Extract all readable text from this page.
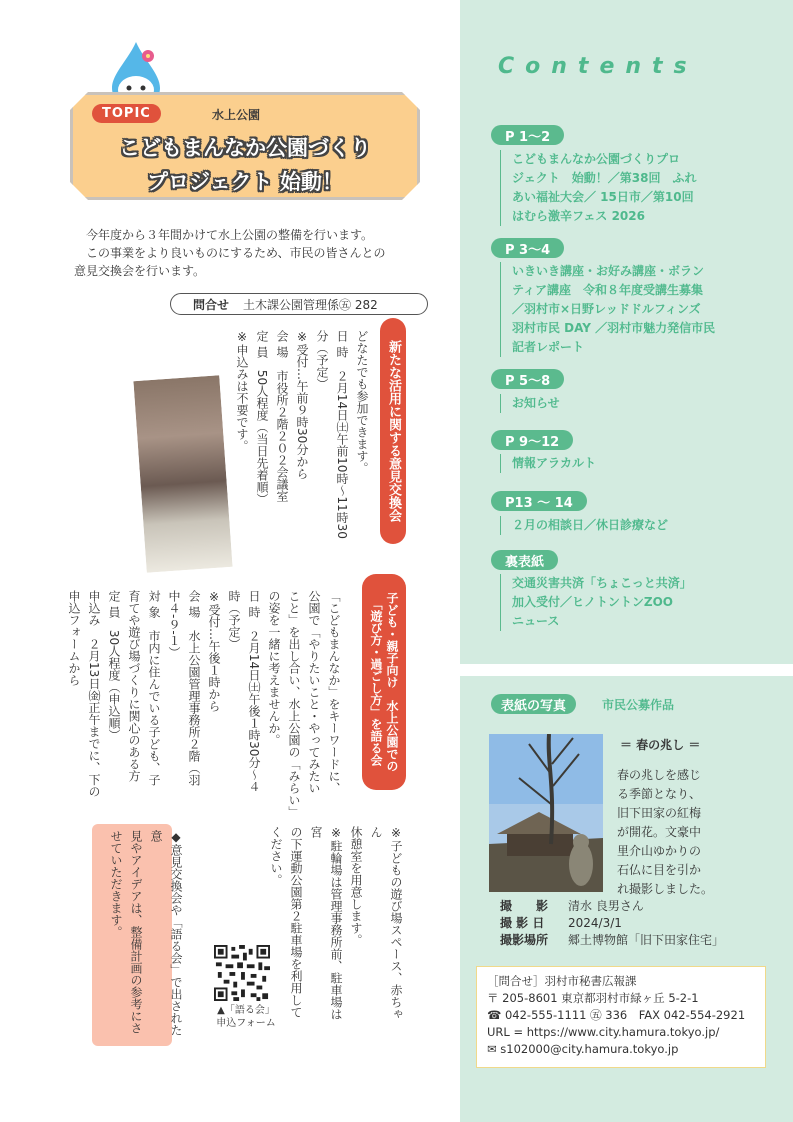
TOPIC	水上公園
こどもまんなか公園づくり
プロジェクト 始動！

今年度から３年間かけて水上公園の整備を行います。

この事業をより良いものにするため、市民の皆さんとの

意見交換会を行います。

問合せ 土木課公園管理係㊄ 282
新たな活用に関する意見交換会
どなたでも参加できます。
日 時　２月14日㈯午前10時〜11時30
分（予定）
※受付…午前９時30分から
会 場　市役所２階２０２会議室
定 員　50人程度（当日先着順）
※申込みは不要です。
子ども・親子向け　水上公園での
「遊び方・過ごし方」を語る会
「こどもまんなか」をキーワードに、
公園で「やりたいこと・やってみたい
こと」を出し合い、水上公園の「みらい」
の姿を一緒に考えませんか。
日 時　２月14日㈯午後１時30分〜４
時（予定）
※受付…午後１時から
会 場　水上公園管理事務所２階（羽
中４‐９‐１）
対 象　市内に住んでいる子ども、子
育てや遊び場づくりに関心のある方
定 員　30人程度（申込順）
申込み　２月13日㈮正午までに、下の
申込フォームから
※子どもの遊び場スペース、赤ちゃん
休憩室を用意します。
※駐輪場は管理事務所前、駐車場は宮
の下運動公園第２駐車場を利用して
ください。
◆意見交換会や「語る会」で出された意
見やアイデアは、整備計画の参考にさ
せていただきます。
▲「語る会」
申込フォーム
Contents
P 1〜2
こどもまんなか公園づくりプロ
ジェクト　始動！／第38回　ふれ
あい福祉大会／ 15日市／第10回
はむら激辛フェス 2026
P 3〜4
いきいき講座・お好み講座・ボラン
ティア講座　令和８年度受講生募集
／羽村市×日野レッドドルフィンズ
羽村市民 DAY ／羽村市魅力発信市民
記者レポート
P 5〜8
お知らせ
P 9〜12
情報アラカルト
P13 〜 14
２月の相談日／休日診療など
裏表紙
交通災害共済「ちょこっと共済」
加入受付／ヒノトントンZOO
ニュース
表紙の写真	市民公募作品
＝ 春の兆し ＝
春の兆しを感じ
る季節となり、
旧下田家の紅梅
が開花。文豪中
里介山ゆかりの
石仏に目を引か
れ撮影しました。
撮　　影	清水 良男さん
撮 影 日	2024/3/1
撮影場所	郷土博物館「旧下田家住宅」
［問合せ］羽村市秘書広報課
〒 205-8601 東京都羽村市緑ヶ丘 5-2-1
☎ 042-555-1111 ㊄ 336　FAX 042-554-2921
URL = https://www.city.hamura.tokyo.jp/
✉ s102000@city.hamura.tokyo.jp
